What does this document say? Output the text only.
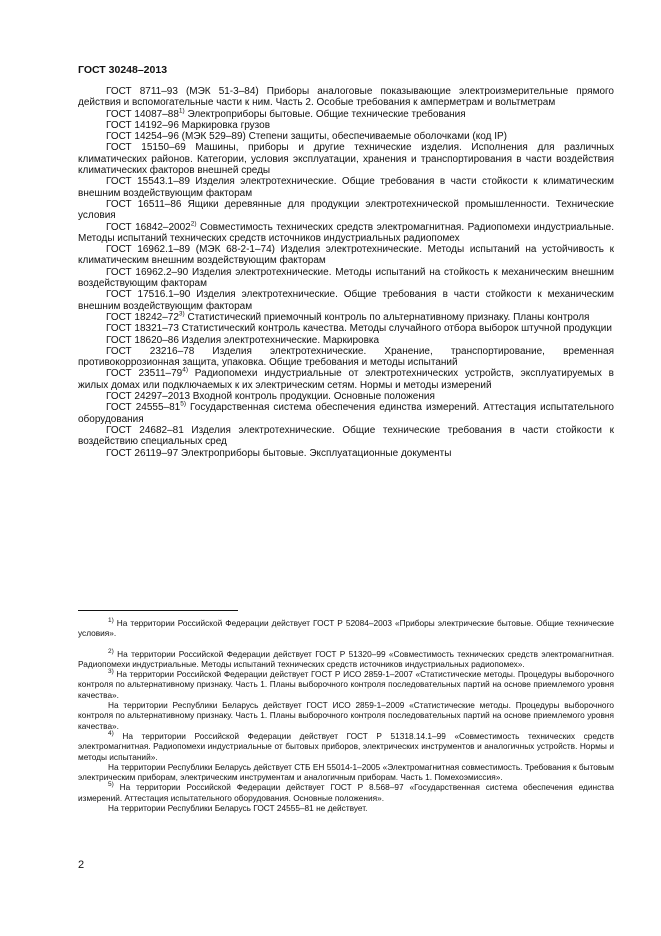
ГОСТ 30248–2013

ГОСТ 8711–93 (МЭК 51-3–84) Приборы аналоговые показывающие электроизмерительные прямого действия и вспомогательные части к ним. Часть 2. Особые требования к амперметрам и вольтметрам

ГОСТ 14087–88$^{1)}$ Электроприборы бытовые. Общие технические требования

ГОСТ 14192–96 Маркировка грузов

ГОСТ 14254–96 (МЭК 529–89) Степени защиты, обеспечиваемые оболочками (код IP)

ГОСТ 15150–69 Машины, приборы и другие технические изделия. Исполнения для различных климатических районов. Категории, условия эксплуатации, хранения и транспортирования в части воздействия климатических факторов внешней среды

ГОСТ 15543.1–89 Изделия электротехнические. Общие требования в части стойкости к климатическим внешним воздействующим факторам

ГОСТ 16511–86 Ящики деревянные для продукции электротехнической промышленности. Технические условия

ГОСТ 16842–2002$^{2)}$ Совместимость технических средств электромагнитная. Радиопомехи индустриальные. Методы испытаний технических средств источников индустриальных радиопомех

ГОСТ 16962.1–89 (МЭК 68-2-1–74) Изделия электротехнические. Методы испытаний на устойчивость к климатическим внешним воздействующим факторам

ГОСТ 16962.2–90 Изделия электротехнические. Методы испытаний на стойкость к механическим внешним воздействующим факторам

ГОСТ 17516.1–90 Изделия электротехнические. Общие требования в части стойкости к механическим внешним воздействующим факторам

ГОСТ 18242–72$^{3)}$ Статистический приемочный контроль по альтернативному признаку. Планы контроля

ГОСТ 18321–73 Статистический контроль качества. Методы случайного отбора выборок штучной продукции

ГОСТ 18620–86 Изделия электротехнические. Маркировка

ГОСТ 23216–78 Изделия электротехнические. Хранение, транспортирование, временная противокоррозионная защита, упаковка. Общие требования и методы испытаний

ГОСТ 23511–79$^{4)}$ Радиопомехи индустриальные от электротехнических устройств, эксплуатируемых в жилых домах или подключаемых к их электрическим сетям. Нормы и методы измерений

ГОСТ 24297–2013 Входной контроль продукции. Основные положения

ГОСТ 24555–81$^{5)}$ Государственная система обеспечения единства измерений. Аттестация испытательного оборудования

ГОСТ 24682–81 Изделия электротехнические. Общие технические требования в части стойкости к воздействию специальных сред

ГОСТ 26119–97 Электроприборы бытовые. Эксплуатационные документы

$^{1)}$ На территории Российской Федерации действует ГОСТ Р 52084–2003 «Приборы электрические бытовые. Общие технические условия».

$^{2)}$ На территории Российской Федерации действует ГОСТ Р 51320–99 «Совместимость технических средств электромагнитная. Радиопомехи индустриальные. Методы испытаний технических средств источников индустриальных радиопомех».

$^{3)}$ На территории Российской Федерации действует ГОСТ Р ИСО 2859-1–2007 «Статистические методы. Процедуры выборочного контроля по альтернативному признаку. Часть 1. Планы выборочного контроля последовательных партий на основе приемлемого уровня качества».

На территории Республики Беларусь действует ГОСТ ИСО 2859-1–2009 «Статистические методы. Процедуры выборочного контроля по альтернативному признаку. Часть 1. Планы выборочного контроля последовательных партий на основе приемлемого уровня качества».

$^{4)}$ На территории Российской Федерации действует ГОСТ Р 51318.14.1–99 «Совместимость технических средств электромагнитная. Радиопомехи индустриальные от бытовых приборов, электрических инструментов и аналогичных устройств. Нормы и методы испытаний».

На территории Республики Беларусь действует СТБ ЕН 55014-1–2005 «Электромагнитная совместимость. Требования к бытовым электрическим приборам, электрическим инструментам и аналогичным приборам. Часть 1. Помехоэмиссия».

$^{5)}$ На территории Российской Федерации действует ГОСТ Р 8.568–97 «Государственная система обеспечения единства измерений. Аттестация испытательного оборудования. Основные положения».

На территории Республики Беларусь ГОСТ 24555–81 не действует.

2
